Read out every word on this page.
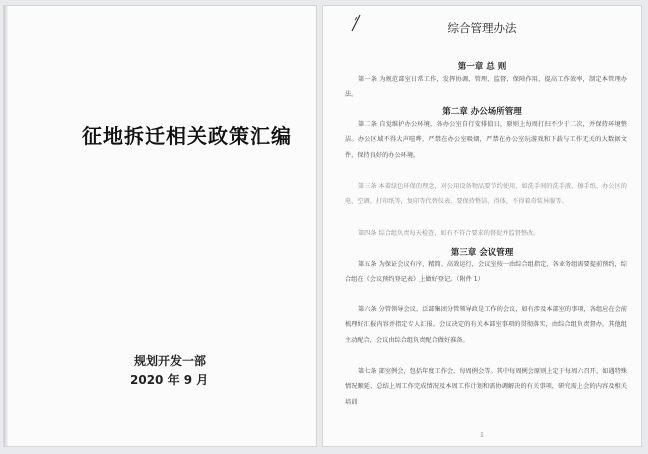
征地拆迁相关政策汇编
规划开发一部
2020 年 9 月
综合管理办法
第一章 总 则
第一条 为规范部室日常工作，发挥协调、管理、监督、保障作用，提高工作效率，制定本管理办法。
第二章 办公场所管理
第二条 自觉维护办公环境，各办公室自行安排值日，原则上每周打扫不少于二次，并保持环境整洁。办公区域不得大声喧哗，严禁在办公室吸烟，严禁在办公室玩游戏和下载与工作无关的大数据文件，保持良好的办公环境。
第三条 本着绿色环保的理念，对公用设备物品要节约使用，如洗手间的洗手液、擦手纸、办公区的电、空调、打印纸等，复印等代替仪表，要保持整洁、得体，不得着奇装异服等。
第四条 综合组负责每天检查，如有不符合要求的督促并监督整改。
第三章 会议管理
第五条 为保证会议有序、精简、高效运行，会议室按一由综合组指定、各业务组需要提前预约，综合组在《会议预约登记表》上做好登记。（附件 1）
第六条 分管领导会议、泛部集团分管领导政是工作的会议，如有涉及本部室的事项，各组应在会前梳理好汇报内容并指定专人汇报。会议决定的有关本部室事项的贯彻落实，由综合组负责督办，其他组主动配合，会议由综合组负责配合做好准备。
第七条 部室例会，包括年度工作会、每周例会等。其中每周例会原则上定于每周六召开，如遇特殊情况顺延，总结上周工作完成情况及本周工作计划和需协调解决的有关事项，研究需上会的内容及相关培训
1
